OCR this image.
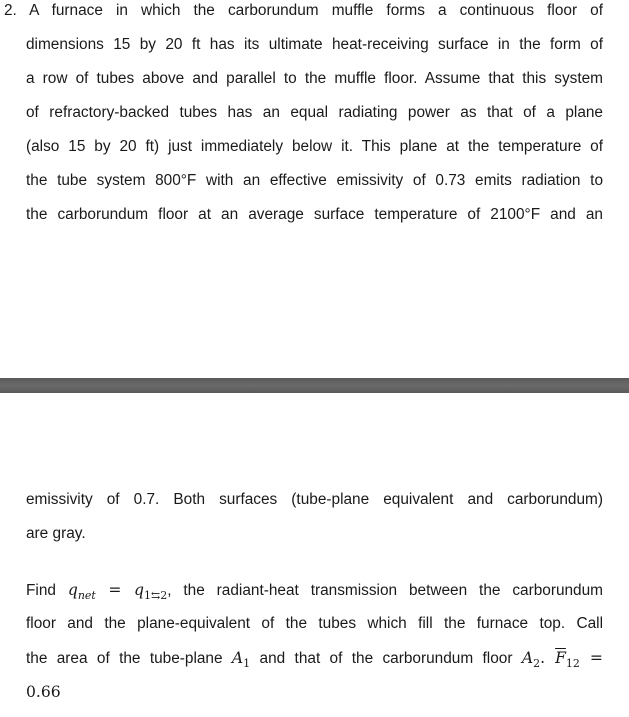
2. A furnace in which the carborundum muffle forms a continuous floor of
dimensions 15 by 20 ft has its ultimate heat-receiving surface in the form of
a row of tubes above and parallel to the muffle floor. Assume that this system
of refractory-backed tubes has an equal radiating power as that of a plane
(also 15 by 20 ft) just immediately below it. This plane at the temperature of
the tube system 800°F with an effective emissivity of 0.73 emits radiation to
the carborundum floor at an average surface temperature of 2100°F and an
emissivity of 0.7. Both surfaces (tube-plane equivalent and carborundum)
are gray.
Find $q_{net} = q_{1⇆2}$, the radiant-heat transmission between the carborundum
floor and the plane-equivalent of the tubes which fill the furnace top. Call
the area of the tube-plane $A_1$ and that of the carborundum floor $A_2$. $\overline{F}_{12}$ =
0.66
